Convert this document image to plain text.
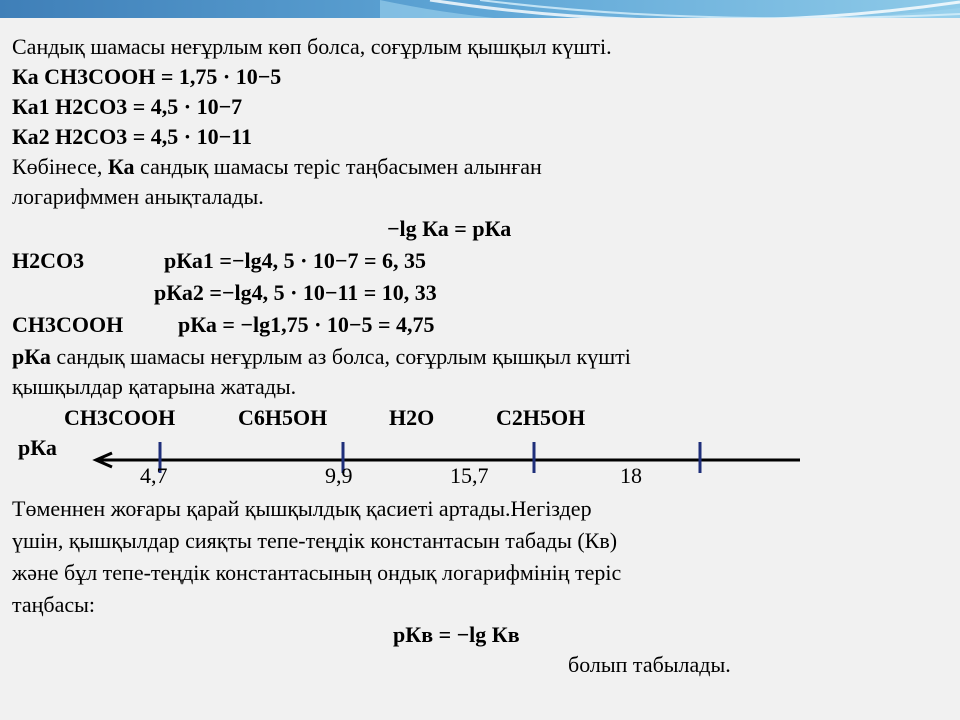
Сандық шамасы неғұрлым көп болса, соғұрлым қышқыл күшті.
Ка СН3СООН = 1,75 · 10−5
Ка1 Н2СО3 = 4,5 · 10−7
Ка2 Н2СО3 = 4,5 · 10−11
Көбінесе, Ка сандық шамасы теріс таңбасымен алынған
логарифммен анықталады.
−lg Ка = рКа
Н2СО3	рКа1 =−lg4, 5 · 10−7 = 6, 35
рКа2 =−lg4, 5 · 10−11 = 10, 33
СН3СООН рКа = −lg1,75 · 10−5 = 4,75
рКа сандық шамасы неғұрлым аз болса, соғұрлым қышқыл күшті
қышқылдар қатарына жатады.
СН3СООН	С6Н5ОН	Н2О	С2Н5ОН
рКа
4,7	9,9	15,7	18
Төменнен жоғары қарай қышқылдық қасиеті артады.Негіздер
үшін, қышқылдар сияқты тепе-теңдік константасын табады (Кв)
және бұл тепе-теңдік константасының ондық логарифмінің теріс
таңбасы:
рКв = −lg Кв
болып табылады.
